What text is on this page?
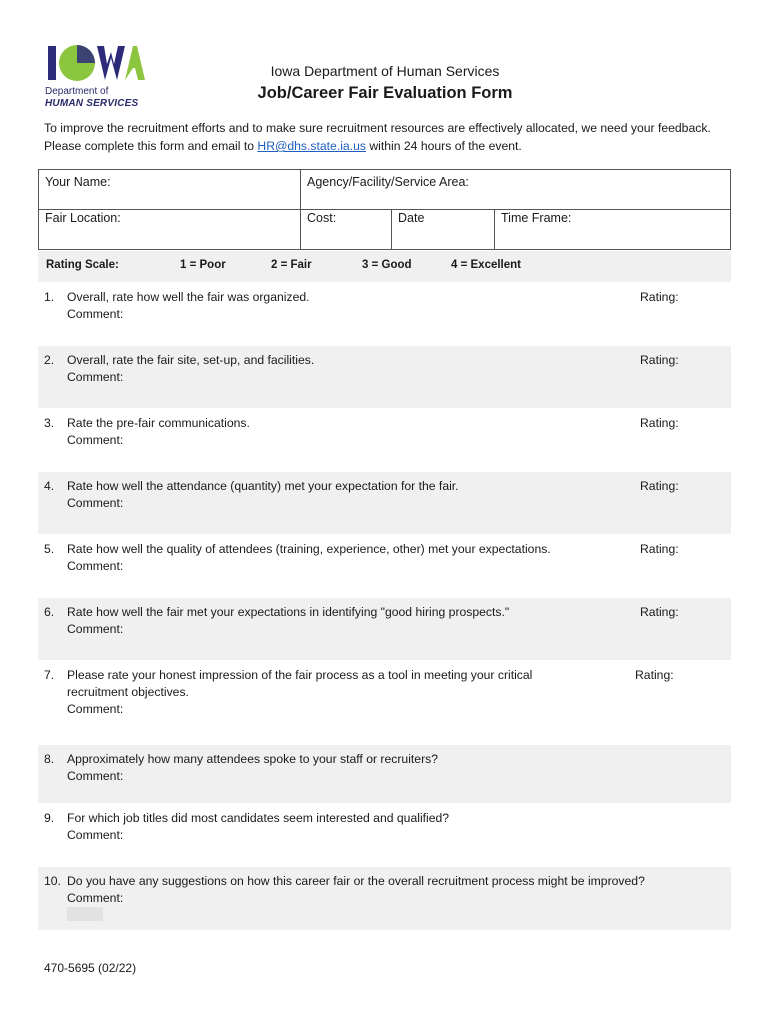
Department of
HUMAN SERVICES
Iowa Department of Human Services
Job/Career Fair Evaluation Form
To improve the recruitment efforts and to make sure recruitment resources are effectively allocated, we need your feedback. Please complete this form and email to HR@dhs.state.ia.us within 24 hours of the event.
Your Name:	Agency/Facility/Service Area:
Fair Location:	Cost:	Date	Time Frame:
Rating Scale:	1 = Poor	2 = Fair	3 = Good	4 = Excellent
1. Overall, rate how well the fair was organized.
Comment:
Rating:
2. Overall, rate the fair site, set-up, and facilities.
Comment:
Rating:
3. Rate the pre-fair communications.
Comment:
Rating:
4. Rate how well the attendance (quantity) met your expectation for the fair.
Comment:
Rating:
5. Rate how well the quality of attendees (training, experience, other) met your expectations.
Comment:
Rating:
6. Rate how well the fair met your expectations in identifying "good hiring prospects."
Comment:
Rating:
7. Please rate your honest impression of the fair process as a tool in meeting your critical recruitment objectives.
Comment:
Rating:
8. Approximately how many attendees spoke to your staff or recruiters?
Comment:
9. For which job titles did most candidates seem interested and qualified?
Comment:
10. Do you have any suggestions on how this career fair or the overall recruitment process might be improved?
Comment:
470-5695 (02/22)
